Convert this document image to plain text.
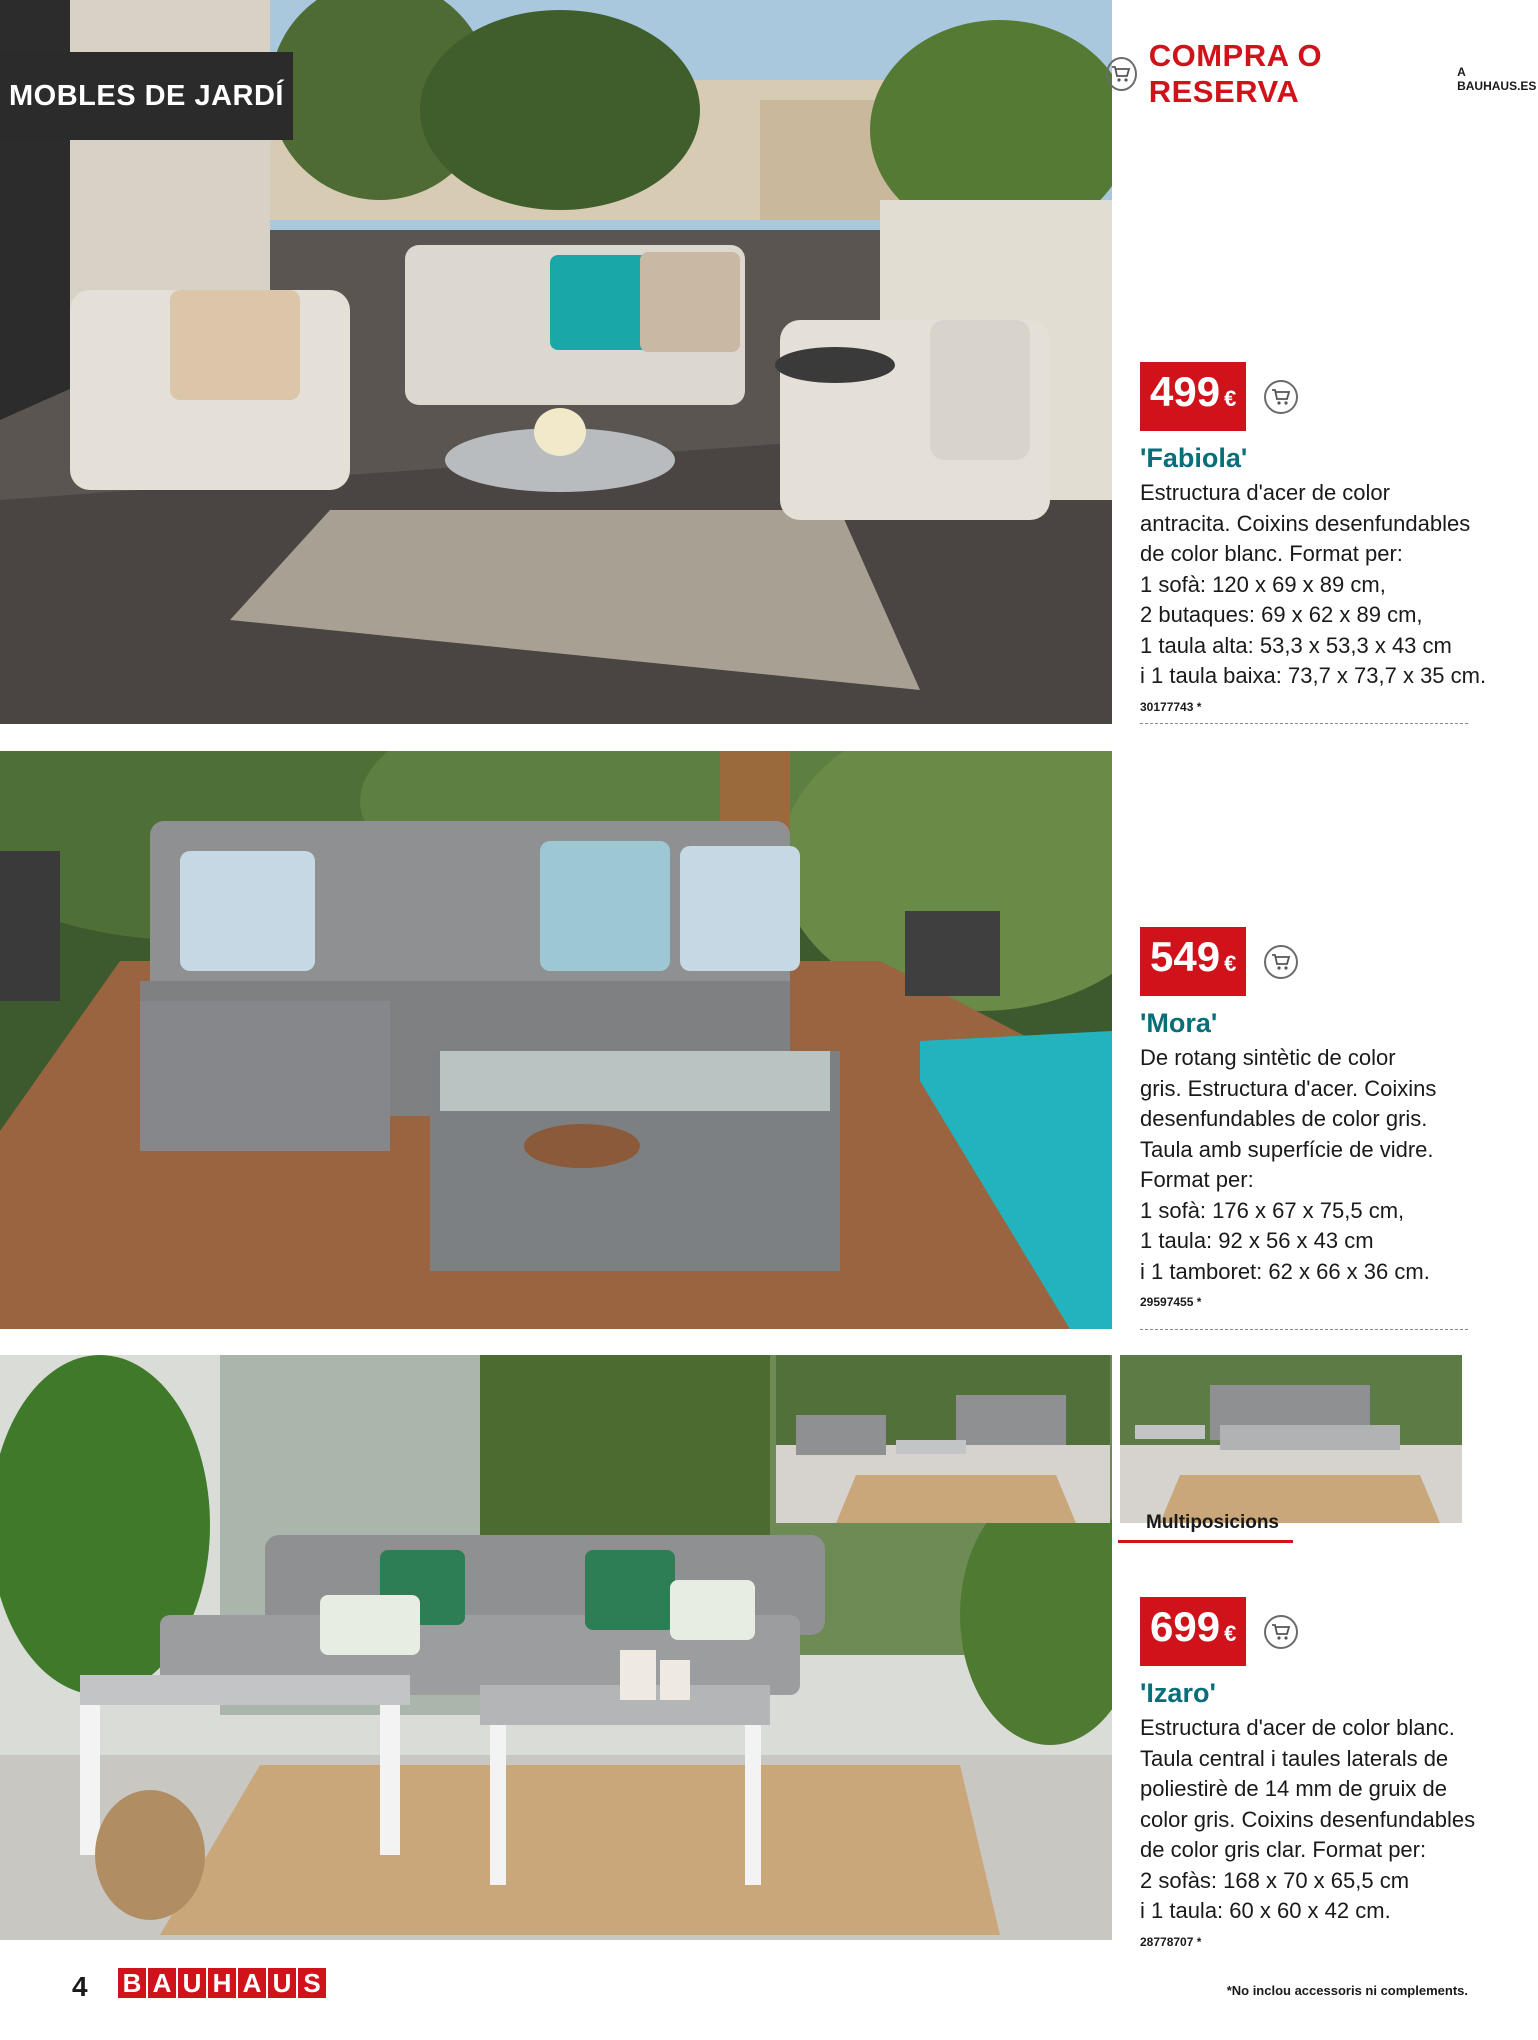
MOBLES DE JARDÍ
COMPRA O RESERVA
A BAUHAUS.ES
499 €
'Fabiola'
Estructura d'acer de color
antracita. Coixins desenfundables
de color blanc. Format per:
1 sofà: 120 x 69 x 89 cm,
2 butaques: 69 x 62 x 89 cm,
1 taula alta: 53,3 x 53,3 x 43 cm
i 1 taula baixa: 73,7 x 73,7 x 35 cm.
30177743 *
549 €
'Mora'
De rotang sintètic de color
gris. Estructura d'acer. Coixins
desenfundables de color gris.
Taula amb superfície de vidre.
Format per:
1 sofà: 176 x 67 x 75,5 cm,
1 taula: 92 x 56 x 43 cm
i 1 tamboret: 62 x 66 x 36 cm.
29597455 *
Multiposicions
699 €
'Izaro'
Estructura d'acer de color blanc.
Taula central i taules laterals de
poliestirè de 14 mm de gruix de
color gris. Coixins desenfundables
de color gris clar. Format per:
2 sofàs: 168 x 70 x 65,5 cm
i 1 taula: 60 x 60 x 42 cm.
28778707 *
4 B A U H A U S	*No inclou accessoris ni complements.
